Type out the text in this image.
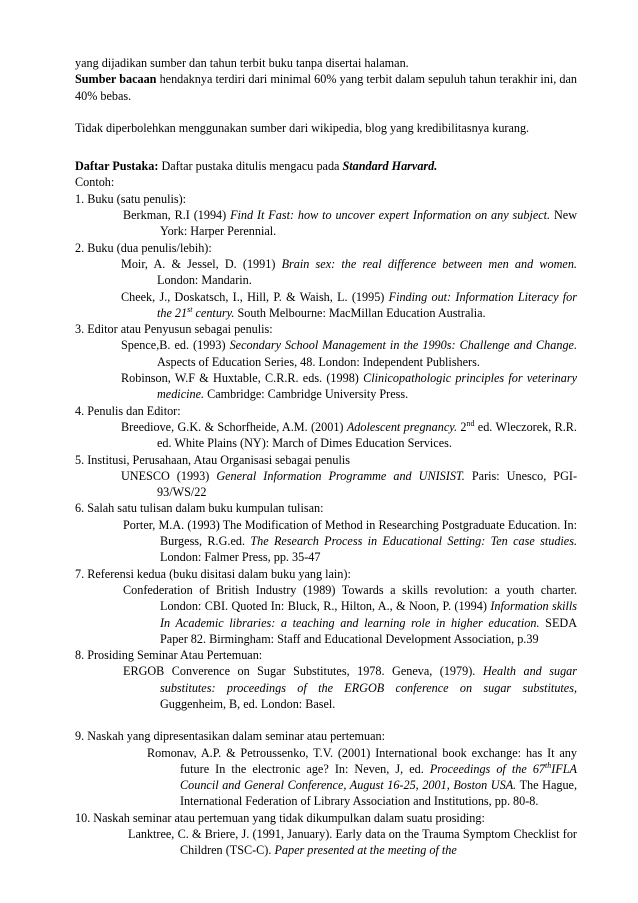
yang dijadikan sumber dan tahun terbit buku tanpa disertai halaman.

Sumber bacaan hendaknya terdiri dari minimal 60% yang terbit dalam sepuluh tahun terakhir ini, dan 40% bebas.

Tidak diperbolehkan menggunakan sumber dari wikipedia, blog yang kredibilitasnya kurang.

Daftar Pustaka: Daftar pustaka ditulis mengacu pada Standard Harvard.

Contoh:

1. Buku (satu penulis):

Berkman, R.I (1994) Find It Fast: how to uncover expert Information on any subject. New York: Harper Perennial.

2. Buku (dua penulis/lebih):

Moir, A. & Jessel, D. (1991) Brain sex: the real difference between men and women. London: Mandarin.

Cheek, J., Doskatsch, I., Hill, P. & Waish, L. (1995) Finding out: Information Literacy for the 21st century. South Melbourne: MacMillan Education Australia.

3. Editor atau Penyusun sebagai penulis:

Spence,B. ed. (1993) Secondary School Management in the 1990s: Challenge and Change. Aspects of Education Series, 48. London: Independent Publishers.

Robinson, W.F & Huxtable, C.R.R. eds. (1998) Clinicopathologic principles for veterinary medicine. Cambridge: Cambridge University Press.

4. Penulis dan Editor:

Breediove, G.K. & Schorfheide, A.M. (2001) Adolescent pregnancy. 2nd ed. Wleczorek, R.R. ed. White Plains (NY): March of Dimes Education Services.

5. Institusi, Perusahaan, Atau Organisasi sebagai penulis

UNESCO (1993) General Information Programme and UNISIST. Paris: Unesco, PGI-93/WS/22

6. Salah satu tulisan dalam buku kumpulan tulisan:

Porter, M.A. (1993) The Modification of Method in Researching Postgraduate Education. In: Burgess, R.G.ed. The Research Process in Educational Setting: Ten case studies. London: Falmer Press, pp. 35-47

7. Referensi kedua (buku disitasi dalam buku yang lain):

Confederation of British Industry (1989) Towards a skills revolution: a youth charter. London: CBI. Quoted In: Bluck, R., Hilton, A., & Noon, P. (1994) Information skills In Academic libraries: a teaching and learning role in higher education. SEDA Paper 82. Birmingham: Staff and Educational Development Association, p.39

8. Prosiding Seminar Atau Pertemuan:

ERGOB Converence on Sugar Substitutes, 1978. Geneva, (1979). Health and sugar substitutes: proceedings of the ERGOB conference on sugar substitutes, Guggenheim, B, ed. London: Basel.

9. Naskah yang dipresentasikan dalam seminar atau pertemuan:

Romonav, A.P. & Petroussenko, T.V. (2001) International book exchange: has It any future In the electronic age? In: Neven, J, ed. Proceedings of the 67thIFLA Council and General Conference, August 16-25, 2001, Boston USA. The Hague, International Federation of Library Association and Institutions, pp. 80-8.

10. Naskah seminar atau pertemuan yang tidak dikumpulkan dalam suatu prosiding:

Lanktree, C. & Briere, J. (1991, January). Early data on the Trauma Symptom Checklist for Children (TSC-C). Paper presented at the meeting of the
